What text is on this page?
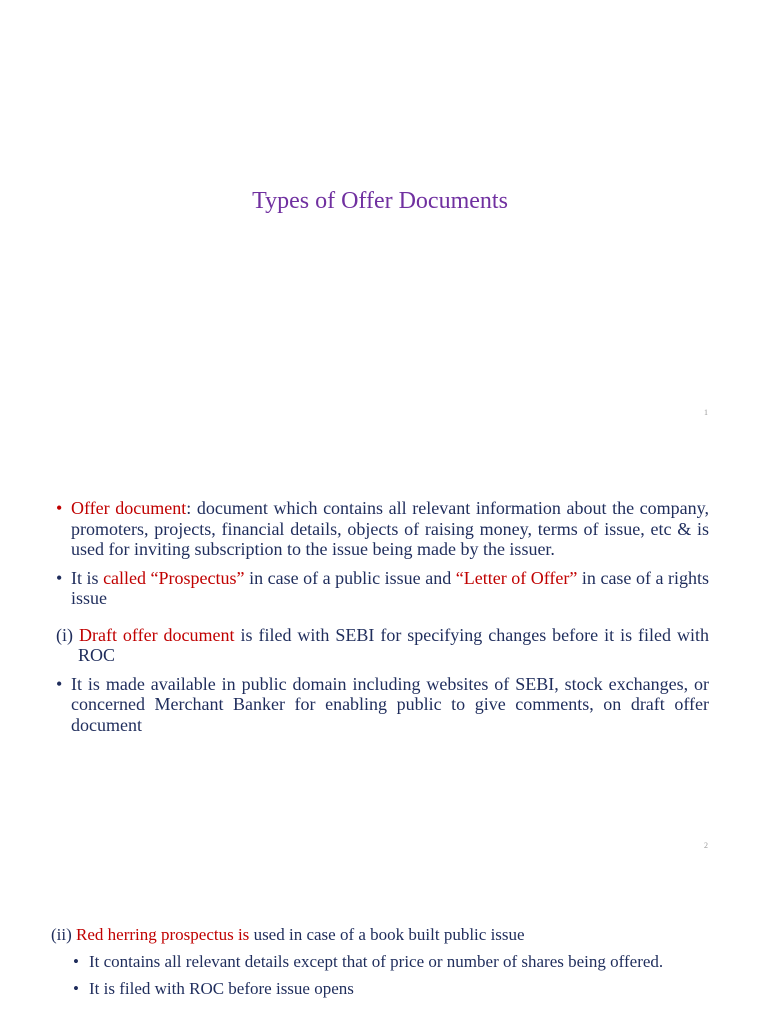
Types of Offer Documents
1
• Offer document: document which contains all relevant information about the company, promoters, projects, financial details, objects of raising money, terms of issue, etc & is used for inviting subscription to the issue being made by the issuer.
• It is called “Prospectus” in case of a public issue and “Letter of Offer” in case of a rights issue
(i) Draft offer document is filed with SEBI for specifying changes before it is filed with ROC
• It is made available in public domain including websites of SEBI, stock exchanges, or concerned Merchant Banker for enabling public to give comments, on draft offer document
2
(ii) Red herring prospectus is used in case of a book built public issue
• It contains all relevant details except that of price or number of shares being offered.
• It is filed with ROC before issue opens
